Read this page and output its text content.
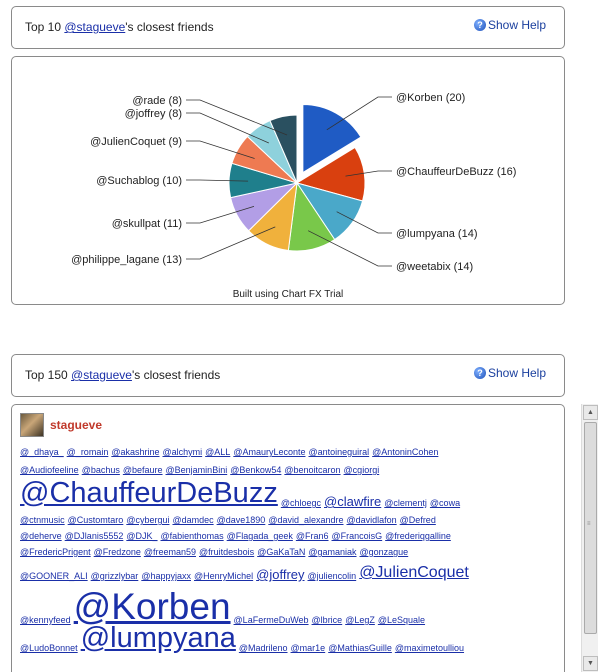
Top 10 @stagueve's closest friends	? Show Help
@Korben (20)
@ChauffeurDeBuzz (16)
@lumpyana (14)
@weetabix (14)
@philippe_lagane (13)
@skullpat (11)
@Suchablog (10)
@JulienCoquet (9)
@joffrey (8)
@rade (8)
Built using Chart FX Trial
Top 150 @stagueve's closest friends	? Show Help
stagueve
@_dhaya_ @_romain @akashrine @alchymi @ALL @AmauryLeconte @antoineguiral @AntoninCohen
@Audiofeeline @bachus @befaure @BenjaminBini @Benkow54 @benoitcaron @cgiorgi
@ChauffeurDeBuzz @chloegc @clawfire @clementj @cowa
@ctnmusic @Customtaro @cybergui @damdec @dave1890 @david_alexandre @davidlafon @Defred
@deherve @DJlanis5552 @DJK_ @fabienthomas @Flagada_geek @Fran6 @FrancoisG @frederiqgalline
@FredericPrigent @Fredzone @freeman59 @fruitdesbois @GaKaTaN @gamaniak @gonzague
@GOONER_ALI @grizzlybar @happyjaxx @HenryMichel @joffrey @juliencolin @JulienCoquet
@kennyfeed @Korben @LaFermeDuWeb @lbrice @LegZ @LeSquale
@LudoBonnet @lumpyana @Madrileno @mar1e @MathiasGuille @maximetoulliou
▲
≡
▼
